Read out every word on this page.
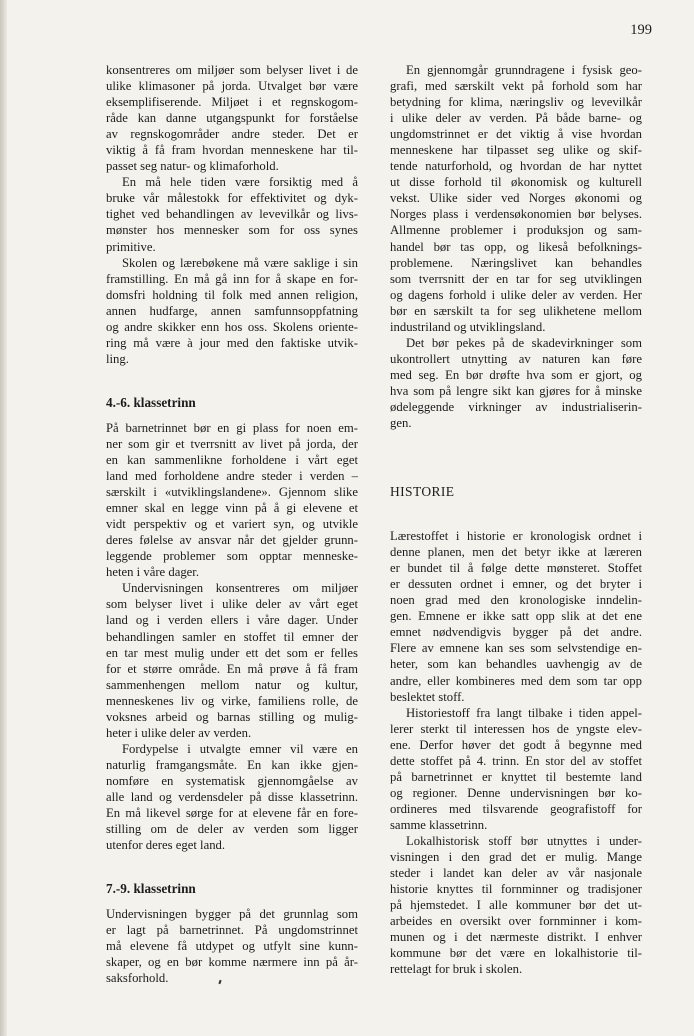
199
konsentreres om miljøer som belyser livet i de
ulike klimasoner på jorda. Utvalget bør være
eksemplifiserende. Miljøet i et regnskogom-
råde kan danne utgangspunkt for forståelse
av regnskogområder andre steder. Det er
viktig å få fram hvordan menneskene har til-
passet seg natur- og klimaforhold.
En må hele tiden være forsiktig med å
bruke vår målestokk for effektivitet og dyk-
tighet ved behandlingen av levevilkår og livs-
mønster hos mennesker som for oss synes
primitive.
Skolen og lærebøkene må være saklige i sin
framstilling. En må gå inn for å skape en for-
domsfri holdning til folk med annen religion,
annen hudfarge, annen samfunnsoppfatning
og andre skikker enn hos oss. Skolens oriente-
ring må være à jour med den faktiske utvik-
ling.
4.-6. klassetrinn
På barnetrinnet bør en gi plass for noen em-
ner som gir et tverrsnitt av livet på jorda, der
en kan sammenlikne forholdene i vårt eget
land med forholdene andre steder i verden –
særskilt i «utviklingslandene». Gjennom slike
emner skal en legge vinn på å gi elevene et
vidt perspektiv og et variert syn, og utvikle
deres følelse av ansvar når det gjelder grunn-
leggende problemer som opptar menneske-
heten i våre dager.
Undervisningen konsentreres om miljøer
som belyser livet i ulike deler av vårt eget
land og i verden ellers i våre dager. Under
behandlingen samler en stoffet til emner der
en tar mest mulig under ett det som er felles
for et større område. En må prøve å få fram
sammenhengen mellom natur og kultur,
menneskenes liv og virke, familiens rolle, de
voksnes arbeid og barnas stilling og mulig-
heter i ulike deler av verden.
Fordypelse i utvalgte emner vil være en
naturlig framgangsmåte. En kan ikke gjen-
nomføre en systematisk gjennomgåelse av
alle land og verdensdeler på disse klassetrinn.
En må likevel sørge for at elevene får en fore-
stilling om de deler av verden som ligger
utenfor deres eget land.
7.-9. klassetrinn
Undervisningen bygger på det grunnlag som
er lagt på barnetrinnet. På ungdomstrinnet
må elevene få utdypet og utfylt sine kunn-
skaper, og en bør komme nærmere inn på år-
saksforhold.
En gjennomgår grunndragene i fysisk geo-
grafi, med særskilt vekt på forhold som har
betydning for klima, næringsliv og levevilkår
i ulike deler av verden. På både barne- og
ungdomstrinnet er det viktig å vise hvordan
menneskene har tilpasset seg ulike og skif-
tende naturforhold, og hvordan de har nyttet
ut disse forhold til økonomisk og kulturell
vekst. Ulike sider ved Norges økonomi og
Norges plass i verdensøkonomien bør belyses.
Allmenne problemer i produksjon og sam-
handel bør tas opp, og likeså befolknings-
problemene. Næringslivet kan behandles
som tverrsnitt der en tar for seg utviklingen
og dagens forhold i ulike deler av verden. Her
bør en særskilt ta for seg ulikhetene mellom
industriland og utviklingsland.
Det bør pekes på de skadevirkninger som
ukontrollert utnytting av naturen kan føre
med seg. En bør drøfte hva som er gjort, og
hva som på lengre sikt kan gjøres for å minske
ødeleggende virkninger av industrialiserin-
gen.
HISTORIE
Lærestoffet i historie er kronologisk ordnet i
denne planen, men det betyr ikke at læreren
er bundet til å følge dette mønsteret. Stoffet
er dessuten ordnet i emner, og det bryter i
noen grad med den kronologiske inndelin-
gen. Emnene er ikke satt opp slik at det ene
emnet nødvendigvis bygger på det andre.
Flere av emnene kan ses som selvstendige en-
heter, som kan behandles uavhengig av de
andre, eller kombineres med dem som tar opp
beslektet stoff.
Historiestoff fra langt tilbake i tiden appel-
lerer sterkt til interessen hos de yngste elev-
ene. Derfor høver det godt å begynne med
dette stoffet på 4. trinn. En stor del av stoffet
på barnetrinnet er knyttet til bestemte land
og regioner. Denne undervisningen bør ko-
ordineres med tilsvarende geografistoff for
samme klassetrinn.
Lokalhistorisk stoff bør utnyttes i under-
visningen i den grad det er mulig. Mange
steder i landet kan deler av vår nasjonale
historie knyttes til fornminner og tradisjoner
på hjemstedet. I alle kommuner bør det ut-
arbeides en oversikt over fornminner i kom-
munen og i det nærmeste distrikt. I enhver
kommune bør det være en lokalhistorie til-
rettelagt for bruk i skolen.
